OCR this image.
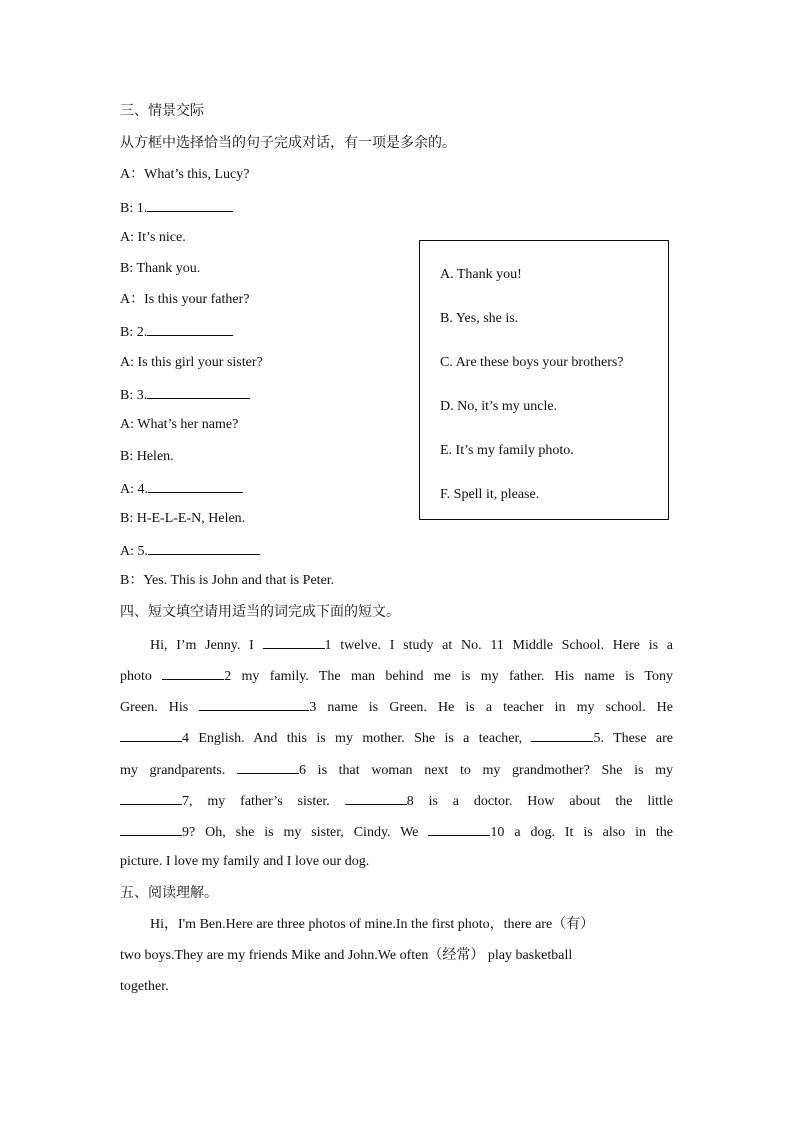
三、情景交际
从方框中选择恰当的句子完成对话，有一项是多余的。
A：What’s this, Lucy?
B: 1.
A: It’s nice.
B: Thank you.
A：Is this your father?
B: 2.
A: Is this girl your sister?
B: 3.
A: What’s her name?
B: Helen.
A: 4.
B: H-E-L-E-N, Helen.
A: 5.
B：Yes. This is John and that is Peter.
A. Thank you!
B. Yes, she is.
C. Are these boys your brothers?
D. No, it’s my uncle.
E. It’s my family photo.
F. Spell it, please.
四、短文填空请用适当的词完成下面的短文。
Hi, I’m Jenny. I	1 twelve. I study at No. 11 Middle School. Here is a
photo	2 my family. The man behind me is my father. His name is Tony
Green. His	3 name is Green. He is a teacher in my school. He
4 English. And this is my mother. She is a teacher,	5. These are
my grandparents.	6 is that woman next to my grandmother? She is my
7, my father’s sister.	8 is a doctor. How about the little
9? Oh, she is my sister, Cindy. We	10 a dog. It is also in the
picture. I love my family and I love our dog.
五、阅读理解。
Hi，I'm Ben.Here are three photos of mine.In the first photo，there are（有）
two boys.They are my friends Mike and John.We often（经常） play basketball
together.
